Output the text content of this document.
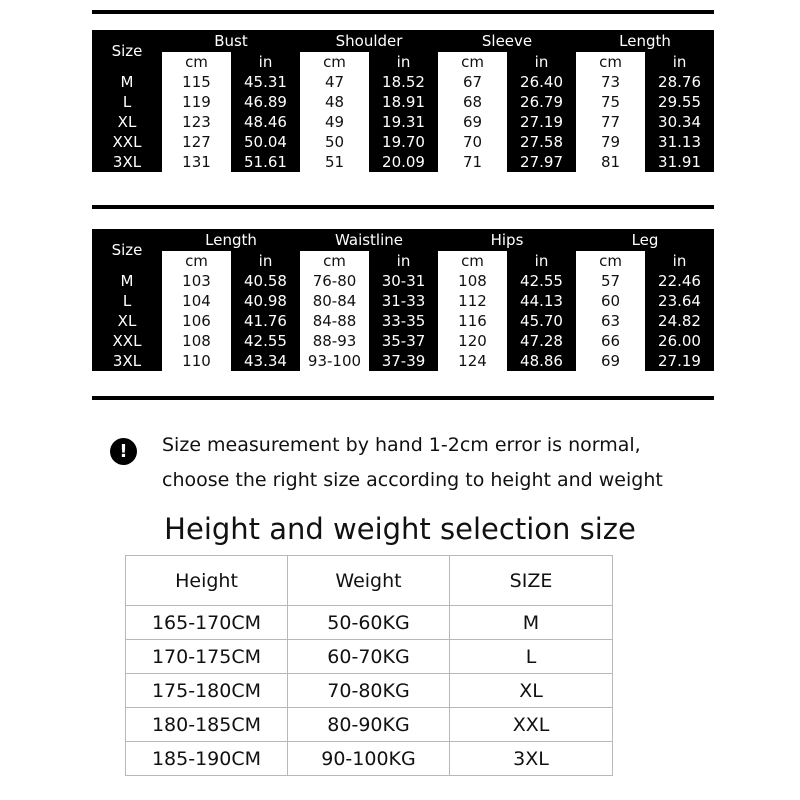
Size	Bust		Shoulder		Sleeve		Length	
	cm	in	cm	in	cm	in	cm	in
M	115	45.31	47	18.52	67	26.40	73	28.76
L	119	46.89	48	18.91	68	26.79	75	29.55
XL	123	48.46	49	19.31	69	27.19	77	30.34
XXL	127	50.04	50	19.70	70	27.58	79	31.13
3XL	131	51.61	51	20.09	71	27.97	81	31.91
Size	Length		Waistline		Hips		Leg	
	cm	in	cm	in	cm	in	cm	in
M	103	40.58	76-80	30-31	108	42.55	57	22.46
L	104	40.98	80-84	31-33	112	44.13	60	23.64
XL	106	41.76	84-88	33-35	116	45.70	63	24.82
XXL	108	42.55	88-93	35-37	120	47.28	66	26.00
3XL	110	43.34	93-100	37-39	124	48.86	69	27.19
!	Size measurement by hand 1-2cm error is normal,
choose the right size according to height and weight
Height and weight selection size
Height	Weight	SIZE
165-170CM	50-60KG	M
170-175CM	60-70KG	L
175-180CM	70-80KG	XL
180-185CM	80-90KG	XXL
185-190CM	90-100KG	3XL
